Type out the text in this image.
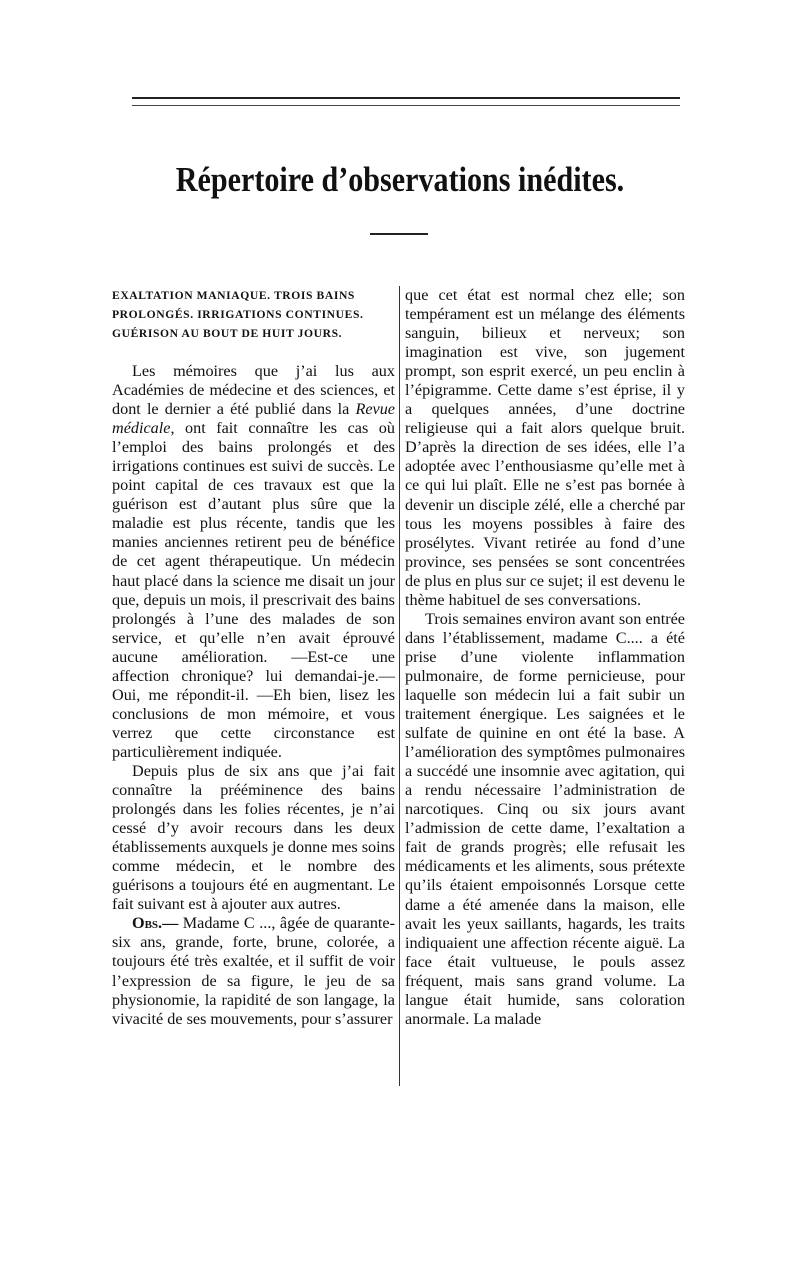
Répertoire d’observations inédites.

EXALTATION MANIAQUE. TROIS BAINS

PROLONGÉS. IRRIGATIONS CONTINUES.

GUÉRISON AU BOUT DE HUIT JOURS.

Les mémoires que j’ai lus aux Académies de médecine et des sciences, et dont le dernier a été publié dans la Revue médicale, ont fait connaître les cas où l’emploi des bains prolongés et des irrigations continues est suivi de succès. Le point capital de ces travaux est que la guérison est d’autant plus sûre que la maladie est plus récente, tandis que les manies anciennes retirent peu de bénéfice de cet agent thérapeutique. Un médecin haut placé dans la science me disait un jour que, depuis un mois, il prescrivait des bains prolongés à l’une des malades de son service, et qu’elle n’en avait éprouvé aucune amélioration. —Est-ce une affection chronique? lui demandai-je.— Oui, me répondit-il. —Eh bien, lisez les conclusions de mon mémoire, et vous verrez que cette circonstance est particulièrement indiquée.

Depuis plus de six ans que j’ai fait connaître la prééminence des bains prolongés dans les folies récentes, je n’ai cessé d’y avoir recours dans les deux établissements auxquels je donne mes soins comme médecin, et le nombre des guérisons a toujours été en augmentant. Le fait suivant est à ajouter aux autres.

Obs.— Madame C ..., âgée de quarante-six ans, grande, forte, brune, colorée, a toujours été très exaltée, et il suffit de voir l’expression de sa figure, le jeu de sa physionomie, la rapidité de son langage, la vivacité de ses mouvements, pour s’assurer

que cet état est normal chez elle; son tempérament est un mélange des éléments sanguin, bilieux et nerveux; son imagination est vive, son jugement prompt, son esprit exercé, un peu enclin à l’épigramme. Cette dame s’est éprise, il y a quelques années, d’une doctrine religieuse qui a fait alors quelque bruit. D’après la direction de ses idées, elle l’a adoptée avec l’enthousiasme qu’elle met à ce qui lui plaît. Elle ne s’est pas bornée à devenir un disciple zélé, elle a cherché par tous les moyens possibles à faire des prosélytes. Vivant retirée au fond d’une province, ses pensées se sont concentrées de plus en plus sur ce sujet; il est devenu le thème habituel de ses conversations.

Trois semaines environ avant son entrée dans l’établissement, madame C.... a été prise d’une violente inflammation pulmonaire, de forme pernicieuse, pour laquelle son médecin lui a fait subir un traitement énergique. Les saignées et le sulfate de quinine en ont été la base. A l’amélioration des symptômes pulmonaires a succédé une insomnie avec agitation, qui a rendu nécessaire l’administration de narcotiques. Cinq ou six jours avant l’admission de cette dame, l’exaltation a fait de grands progrès; elle refusait les médicaments et les aliments, sous prétexte qu’ils étaient empoisonnés Lorsque cette dame a été amenée dans la maison, elle avait les yeux saillants, hagards, les traits indiquaient une affection récente aiguë. La face était vultueuse, le pouls assez fréquent, mais sans grand volume. La langue était humide, sans coloration anormale. La malade
